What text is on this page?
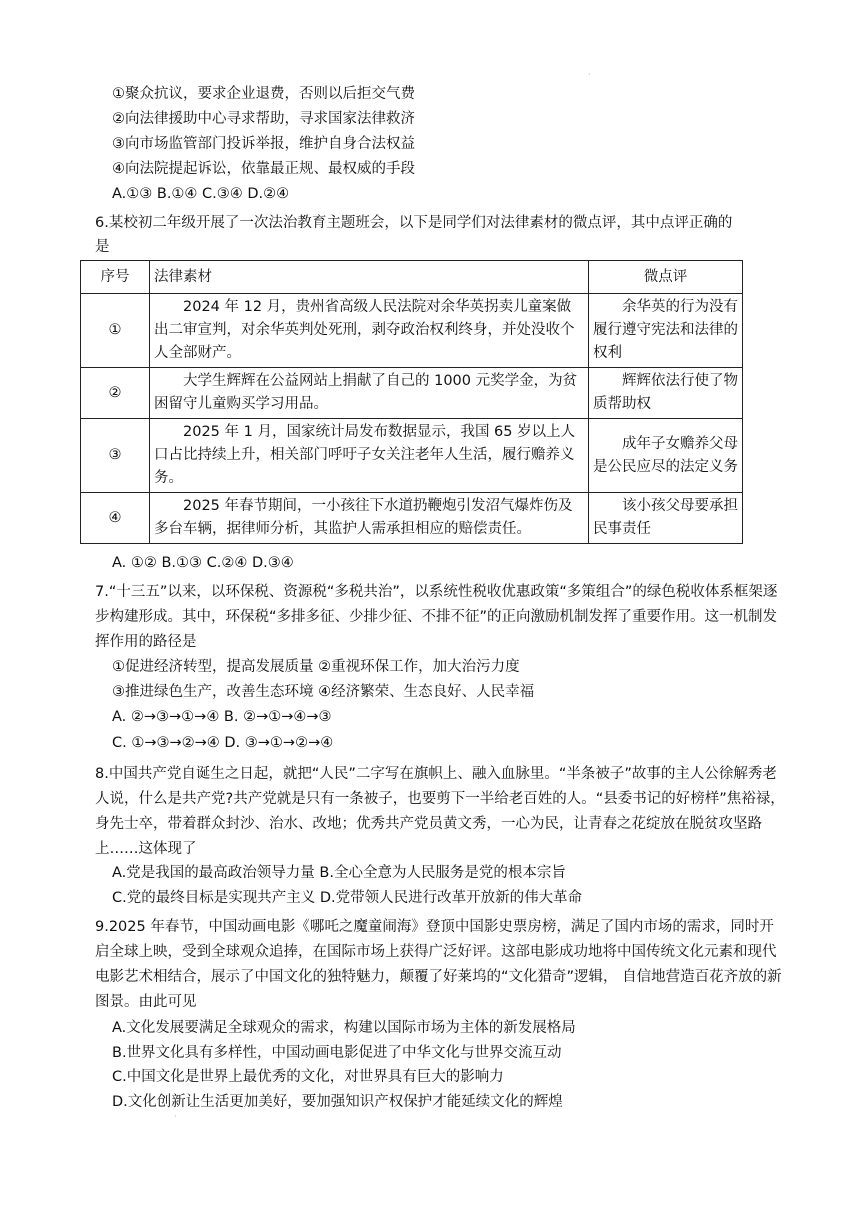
①聚众抗议，要求企业退费，否则以后拒交气费
②向法律援助中心寻求帮助，寻求国家法律救济
③向市场监管部门投诉举报，维护自身合法权益
④向法院提起诉讼，依靠最正规、最权威的手段
A.①③ B.①④ C.③④ D.②④
6.某校初二年级开展了一次法治教育主题班会，以下是同学们对法律素材的微点评，其中点评正确的
是
序号	法律素材	微点评
①	2024 年 12 月，贵州省高级人民法院对余华英拐卖儿童案做出二审宣判，对余华英判处死刑，剥夺政治权利终身，并处没收个人全部财产。	余华英的行为没有履行遵守宪法和法律的权利
②	大学生辉辉在公益网站上捐献了自己的 1000 元奖学金，为贫困留守儿童购买学习用品。	辉辉依法行使了物质帮助权
③	2025 年 1 月，国家统计局发布数据显示，我国 65 岁以上人口占比持续上升，相关部门呼吁子女关注老年人生活，履行赡养义务。	成年子女赡养父母是公民应尽的法定义务
④	2025 年春节期间，一小孩往下水道扔鞭炮引发沼气爆炸伤及多台车辆，据律师分析，其监护人需承担相应的赔偿责任。	该小孩父母要承担民事责任
A. ①② B.①③ C.②④ D.③④
7.“十三五”以来，以环保税、资源税“多税共治”，以系统性税收优惠政策“多策组合”的绿色税收体系框架逐步构建形成。其中，环保税“多排多征、少排少征、不排不征”的正向激励机制发挥了重要作用。这一机制发挥作用的路径是
①促进经济转型，提高发展质量 ②重视环保工作，加大治污力度
③推进绿色生产，改善生态环境 ④经济繁荣、生态良好、人民幸福
A. ②→③→①→④ B. ②→①→④→③
C. ①→③→②→④ D. ③→①→②→④
8.中国共产党自诞生之日起，就把“人民”二字写在旗帜上、融入血脉里。“半条被子”故事的主人公徐解秀老人说，什么是共产党?共产党就是只有一条被子，也要剪下一半给老百姓的人。“县委书记的好榜样”焦裕禄，身先士卒，带着群众封沙、治水、改地；优秀共产党员黄文秀，一心为民，让青春之花绽放在脱贫攻坚路上……这体现了
A.党是我国的最高政治领导力量 B.全心全意为人民服务是党的根本宗旨
C.党的最终目标是实现共产主义 D.党带领人民进行改革开放新的伟大革命
9.2025 年春节，中国动画电影《哪吒之魔童闹海》登顶中国影史票房榜，满足了国内市场的需求，同时开启全球上映，受到全球观众追捧，在国际市场上获得广泛好评。这部电影成功地将中国传统文化元素和现代电影艺术相结合，展示了中国文化的独特魅力，颠覆了好莱坞的“文化猎奇”逻辑， 自信地营造百花齐放的新图景。由此可见
A.文化发展要满足全球观众的需求，构建以国际市场为主体的新发展格局
B.世界文化具有多样性，中国动画电影促进了中华文化与世界交流互动
C.中国文化是世界上最优秀的文化，对世界具有巨大的影响力
D.文化创新让生活更加美好，要加强知识产权保护才能延续文化的辉煌
·
·
